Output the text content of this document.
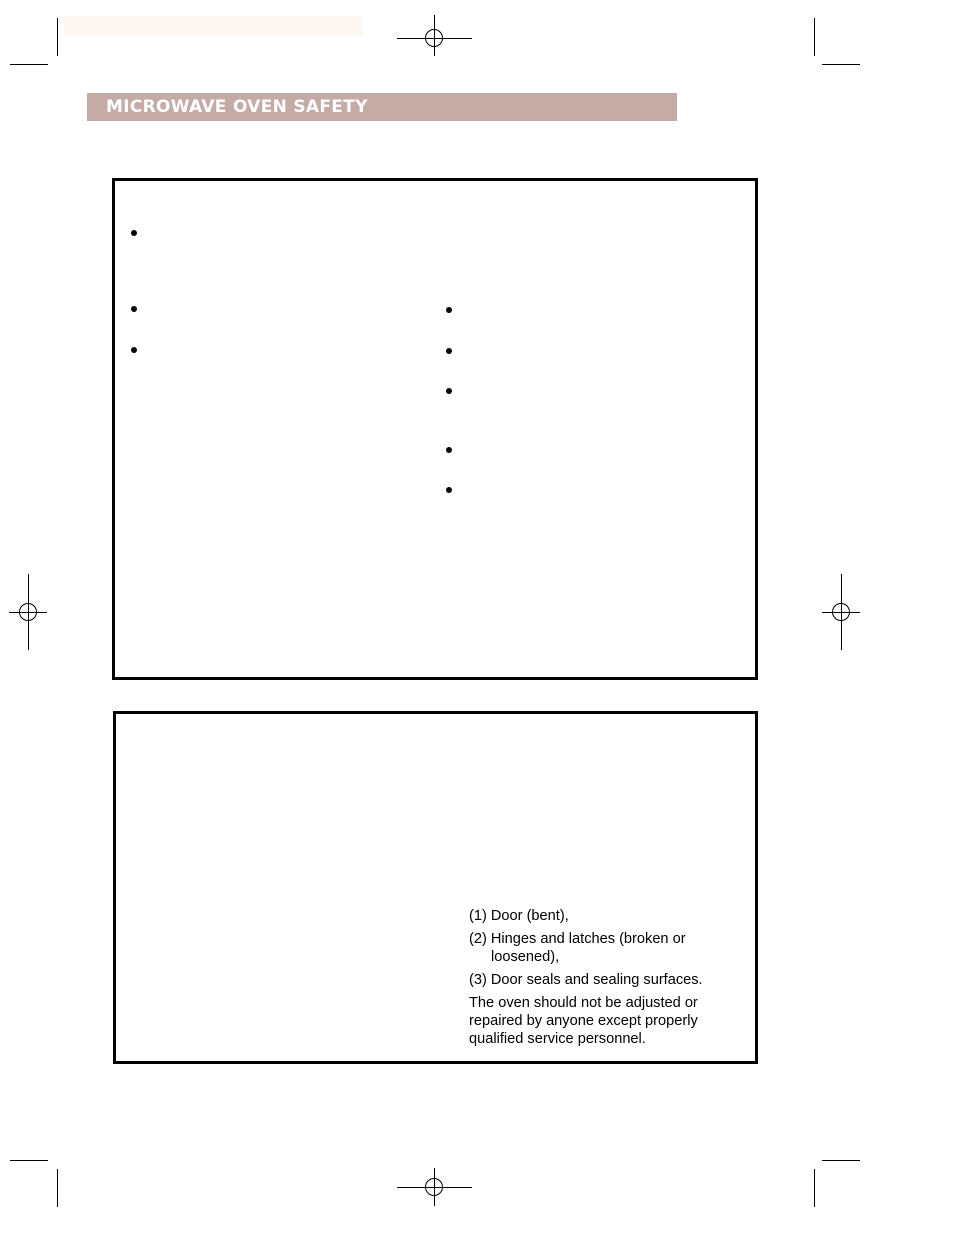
MICROWAVE OVEN SAFETY
(1) Door (bent),
(2) Hinges and latches (broken or
loosened),
(3) Door seals and sealing surfaces.
The oven should not be adjusted or repaired by anyone except properly qualified service personnel.
